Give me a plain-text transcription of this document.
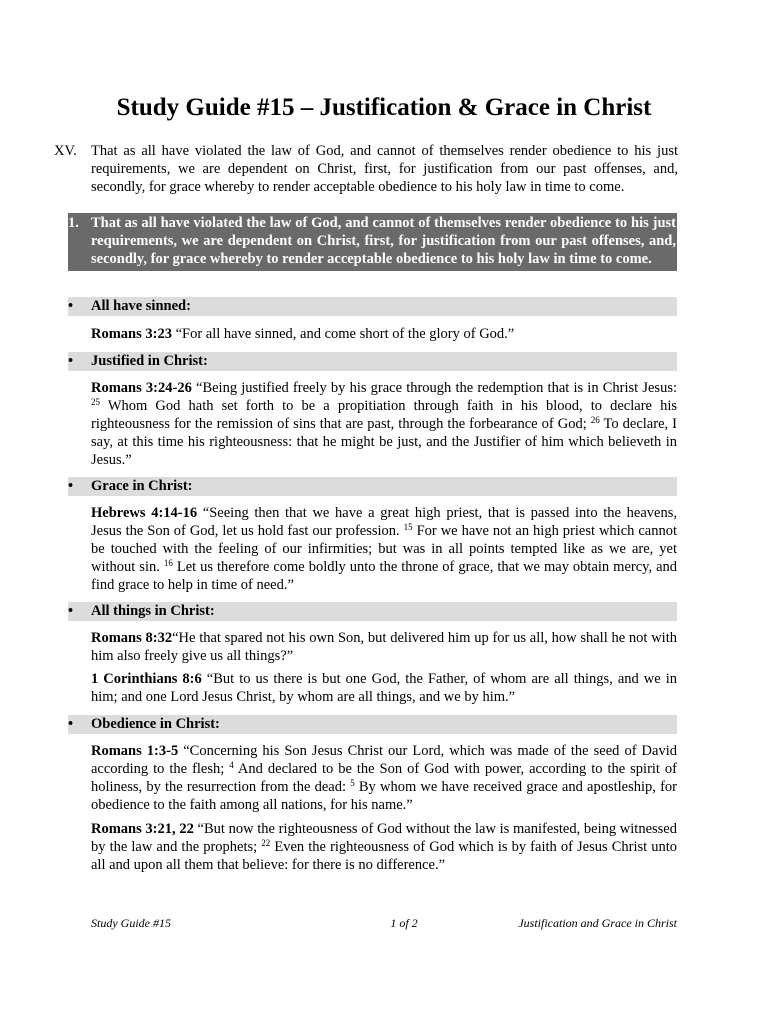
Study Guide #15 – Justification & Grace in Christ
XV. That as all have violated the law of God, and cannot of themselves render obedience to his just requirements, we are dependent on Christ, first, for justification from our past offenses, and, secondly, for grace whereby to render acceptable obedience to his holy law in time to come.
1. That as all have violated the law of God, and cannot of themselves render obedience to his just requirements, we are dependent on Christ, first, for justification from our past offenses, and, secondly, for grace whereby to render acceptable obedience to his holy law in time to come.
• All have sinned:
Romans 3:23 “For all have sinned, and come short of the glory of God.”
• Justified in Christ:
Romans 3:24-26 “Being justified freely by his grace through the redemption that is in Christ Jesus: $^{25}$ Whom God hath set forth to be a propitiation through faith in his blood, to declare his righteousness for the remission of sins that are past, through the forbearance of God; $^{26}$ To declare, I say, at this time his righteousness: that he might be just, and the Justifier of him which believeth in Jesus.”
• Grace in Christ:
Hebrews 4:14-16 “Seeing then that we have a great high priest, that is passed into the heavens, Jesus the Son of God, let us hold fast our profession. $^{15}$ For we have not an high priest which cannot be touched with the feeling of our infirmities; but was in all points tempted like as we are, yet without sin. $^{16}$ Let us therefore come boldly unto the throne of grace, that we may obtain mercy, and find grace to help in time of need.”
• All things in Christ:
Romans 8:32“He that spared not his own Son, but delivered him up for us all, how shall he not with him also freely give us all things?”
1 Corinthians 8:6 “But to us there is but one God, the Father, of whom are all things, and we in him; and one Lord Jesus Christ, by whom are all things, and we by him.”
• Obedience in Christ:
Romans 1:3-5 “Concerning his Son Jesus Christ our Lord, which was made of the seed of David according to the flesh; $^4$ And declared to be the Son of God with power, according to the spirit of holiness, by the resurrection from the dead: $^5$ By whom we have received grace and apostleship, for obedience to the faith among all nations, for his name.”
Romans 3:21, 22 “But now the righteousness of God without the law is manifested, being witnessed by the law and the prophets; $^{22}$ Even the righteousness of God which is by faith of Jesus Christ unto all and upon all them that believe: for there is no difference.”
Study Guide #15	1 of 2	Justification and Grace in Christ
